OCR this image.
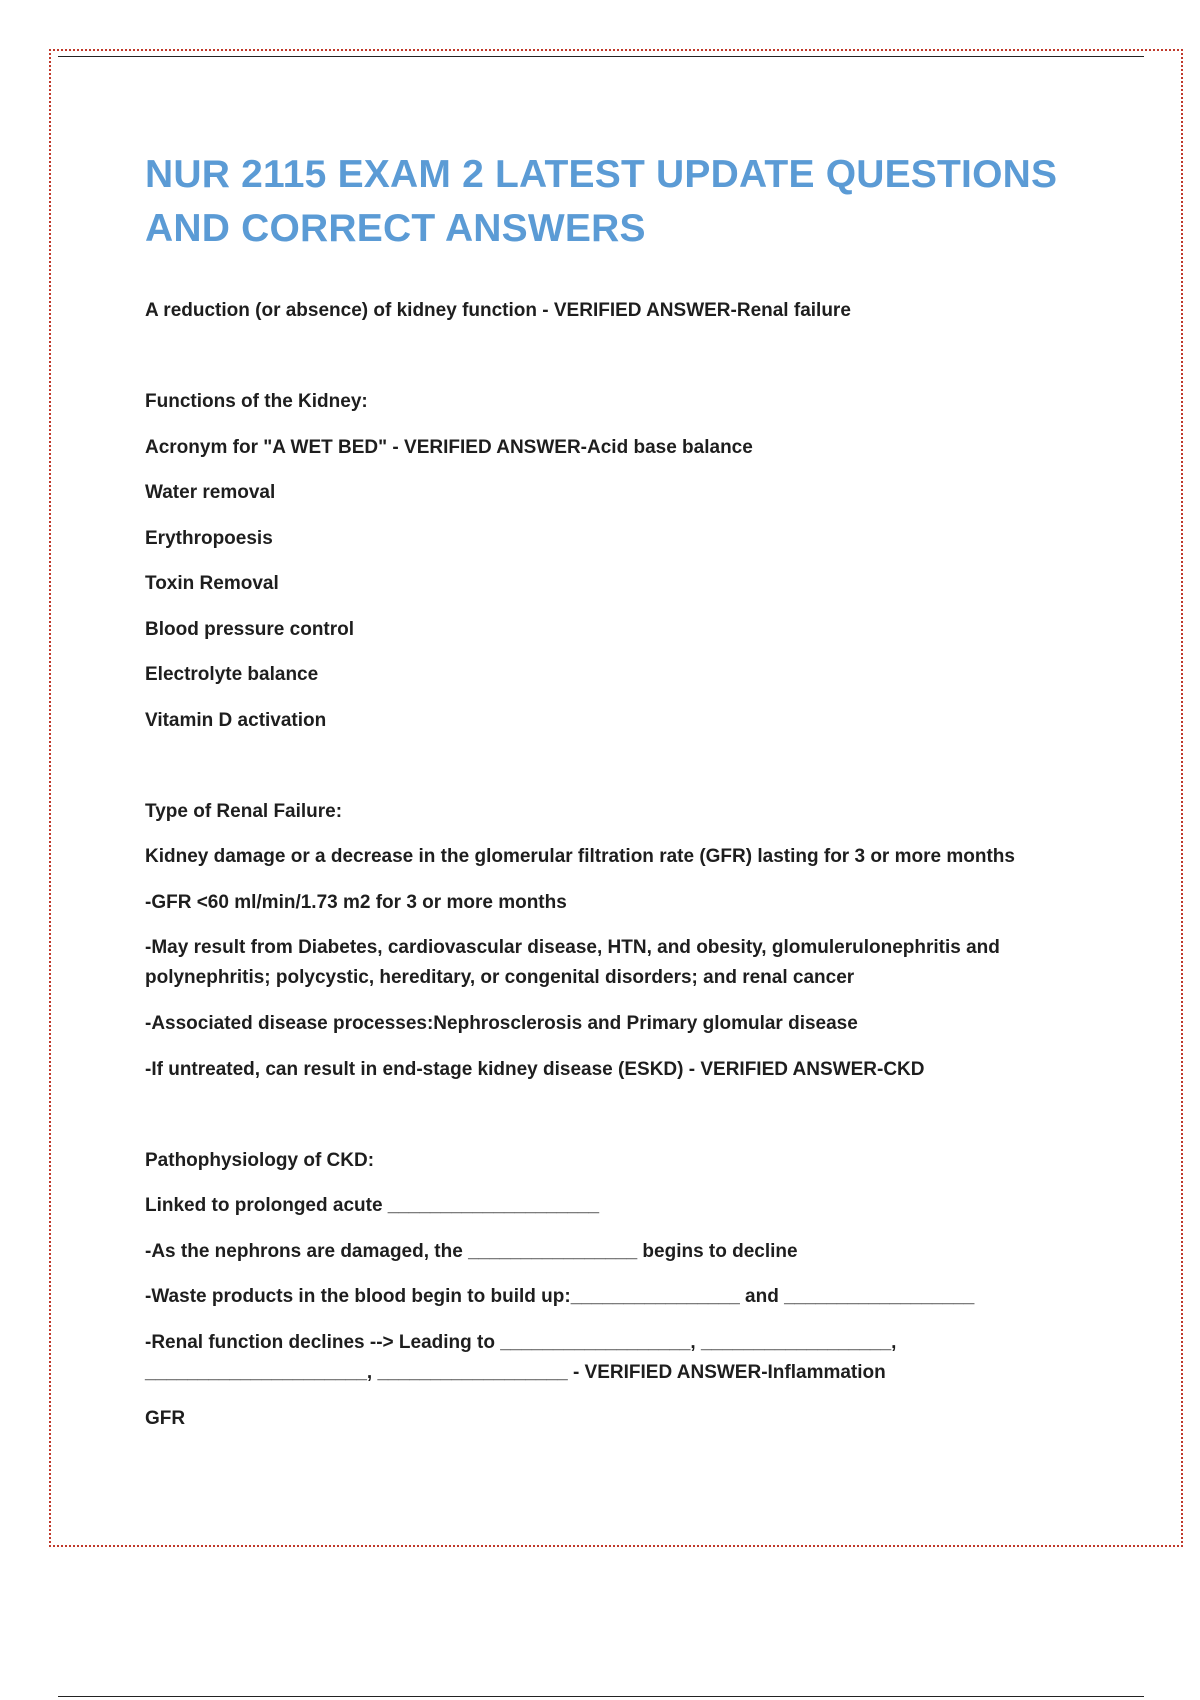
NUR 2115 EXAM 2 LATEST UPDATE QUESTIONS AND CORRECT ANSWERS
A reduction (or absence) of kidney function - VERIFIED ANSWER-Renal failure
Functions of the Kidney:
Acronym for "A WET BED" - VERIFIED ANSWER-Acid base balance
Water removal
Erythropoesis
Toxin Removal
Blood pressure control
Electrolyte balance
Vitamin D activation
Type of Renal Failure:
Kidney damage or a decrease in the glomerular filtration rate (GFR) lasting for 3 or more months
-GFR <60 ml/min/1.73 m2 for 3 or more months
-May result from Diabetes, cardiovascular disease, HTN, and obesity, glomulerulonephritis and polynephritis; polycystic, hereditary, or congenital disorders; and renal cancer
-Associated disease processes:Nephrosclerosis and Primary glomular disease
-If untreated, can result in end-stage kidney disease (ESKD) - VERIFIED ANSWER-CKD
Pathophysiology of CKD:
Linked to prolonged acute ____________________
-As the nephrons are damaged, the ________________ begins to decline
-Waste products in the blood begin to build up:________________ and __________________
-Renal function declines --> Leading to __________________, __________________, _____________________, __________________ - VERIFIED ANSWER-Inflammation
GFR
